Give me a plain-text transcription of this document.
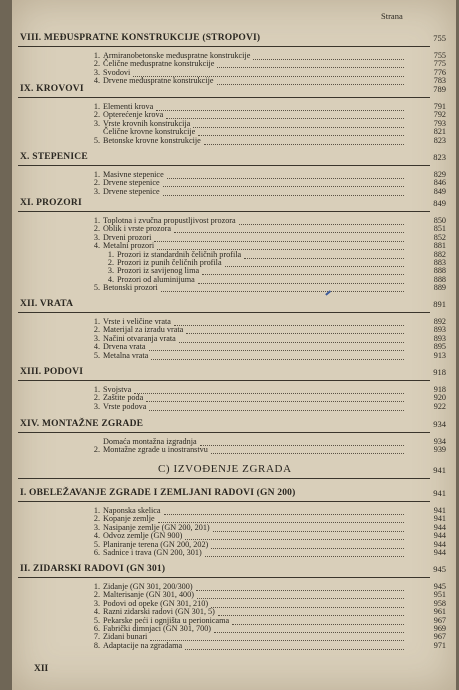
Strana
VIII. MEĐUSPRATNE KONSTRUKCIJE (STROPOVI)	755
1. Armiranobetonske međuspratne konstrukcije	755
2. Čelične međuspratne konstrukcije	775
3. Svodovi	776
4. Drvene međuspratne konstrukcije	783
IX. KROVOVI	789
1. Elementi krova	791
2. Opterećenje krova	792
3. Vrste krovnih konstrukcija	793
Čelične krovne konstrukcije	821
5. Betonske krovne konstrukcije	823
X. STEPENICE	823
1. Masivne stepenice	829
2. Drvene stepenice	846
3. Drvene stepenice	849
XI. PROZORI	849
1. Toplotna i zvučna propustljivost prozora	850
2. Oblik i vrste prozora	851
3. Drveni prozori	852
4. Metalni prozori	881
1. Prozori iz standardnih čeličnih profila	882
2. Prozori iz punih čeličnih profila	883
3. Prozori iz savijenog lima	888
4. Prozori od aluminijuma	888
5. Betonski prozori	889
XII. VRATA	891
1. Vrste i veličine vrata	892
2. Materijal za izradu vrata	893
3. Načini otvaranja vrata	893
4. Drvena vrata	895
5. Metalna vrata	913
XIII. PODOVI	918
1. Svojstva	918
2. Zaštite poda	920
3. Vrste podova	922
XIV. MONTAŽNE ZGRADE	934
Domaća montažna izgradnja	934
2. Montažne zgrade u inostranstvu	939
C) IZVOĐENJE ZGRADA	941
I. OBELEŽAVANJE ZGRADE I ZEMLJANI RADOVI (GN 200)	941
1. Naponska skelica	941
2. Kopanje zemlje	941
3. Nasipanje zemlje (GN 200, 201)	944
4. Odvoz zemlje (GN 900)	944
5. Planiranje terena (GN 200, 202)	944
6. Sadnice i trava (GN 200, 301)	944
II. ZIDARSKI RADOVI (GN 301)	945
1. Zidanje (GN 301, 200/300)	945
2. Malterisanje (GN 301, 400)	951
3. Podovi od opeke (GN 301, 210)	958
4. Razni zidarski radovi (GN 301, 5)	961
5. Pekarske peći i ognjišta u perionicama	967
6. Fabrički dimnjaci (GN 301, 700)	969
7. Zidani bunari	967
8. Adaptacije na zgradama	971
XII
